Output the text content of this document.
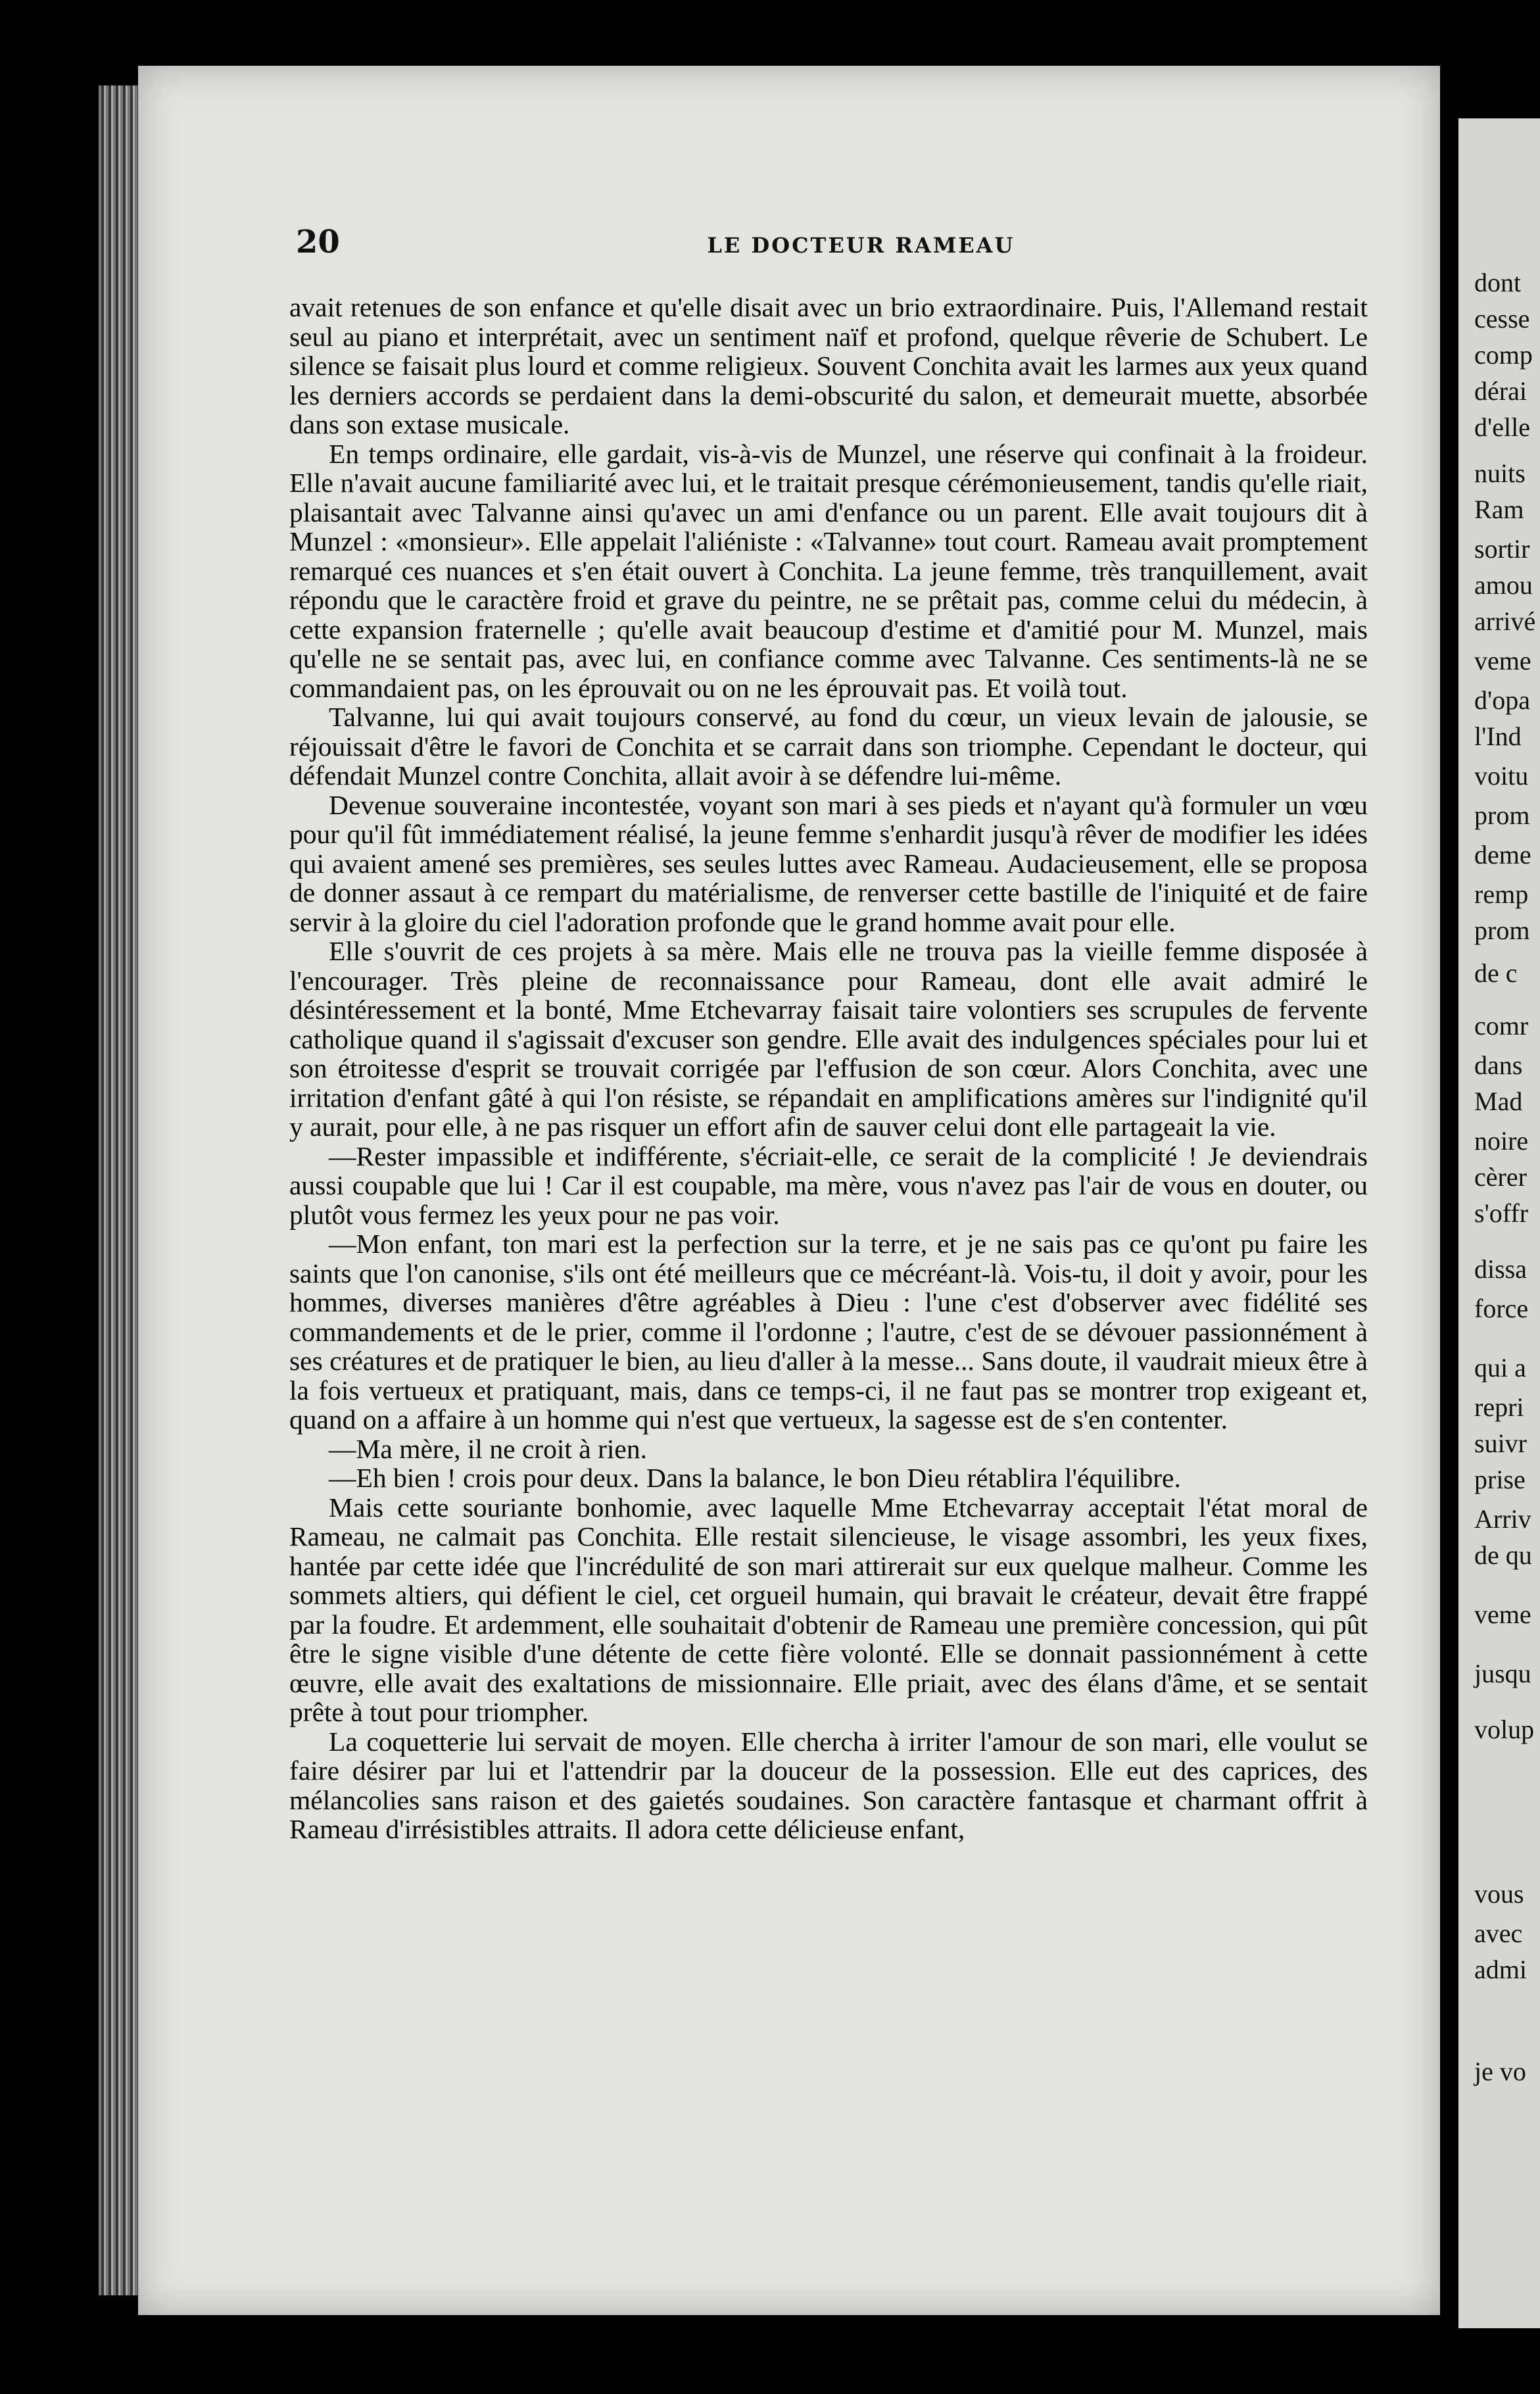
20	LE DOCTEUR RAMEAU

avait retenues de son enfance et qu'elle disait avec un brio extraordinaire. Puis, l'Allemand restait seul au piano et interprétait, avec un sentiment naïf et profond, quelque rêverie de Schubert. Le silence se faisait plus lourd et comme religieux. Souvent Conchita avait les larmes aux yeux quand les derniers accords se perdaient dans la demi-obscurité du salon, et demeurait muette, absorbée dans son extase musicale.

En temps ordinaire, elle gardait, vis-à-vis de Munzel, une réserve qui confinait à la froideur. Elle n'avait aucune familiarité avec lui, et le traitait presque cérémonieusement, tandis qu'elle riait, plaisantait avec Talvanne ainsi qu'avec un ami d'enfance ou un parent. Elle avait toujours dit à Munzel : «monsieur». Elle appelait l'aliéniste : «Talvanne» tout court. Rameau avait promptement remarqué ces nuances et s'en était ouvert à Conchita. La jeune femme, très tranquillement, avait répondu que le caractère froid et grave du peintre, ne se prêtait pas, comme celui du médecin, à cette expansion fraternelle ; qu'elle avait beaucoup d'estime et d'amitié pour M. Munzel, mais qu'elle ne se sentait pas, avec lui, en confiance comme avec Talvanne. Ces sentiments-là ne se commandaient pas, on les éprouvait ou on ne les éprouvait pas. Et voilà tout.

Talvanne, lui qui avait toujours conservé, au fond du cœur, un vieux levain de jalousie, se réjouissait d'être le favori de Conchita et se carrait dans son triomphe. Cependant le docteur, qui défendait Munzel contre Conchita, allait avoir à se défendre lui-même.

Devenue souveraine incontestée, voyant son mari à ses pieds et n'ayant qu'à formuler un vœu pour qu'il fût immédiatement réalisé, la jeune femme s'enhardit jusqu'à rêver de modifier les idées qui avaient amené ses premières, ses seules luttes avec Rameau. Audacieusement, elle se proposa de donner assaut à ce rempart du matérialisme, de renverser cette bastille de l'iniquité et de faire servir à la gloire du ciel l'adoration profonde que le grand homme avait pour elle.

Elle s'ouvrit de ces projets à sa mère. Mais elle ne trouva pas la vieille femme disposée à l'encourager. Très pleine de reconnaissance pour Rameau, dont elle avait admiré le désintéressement et la bonté, Mme Etchevarray faisait taire volontiers ses scrupules de fervente catholique quand il s'agissait d'excuser son gendre. Elle avait des indulgences spéciales pour lui et son étroitesse d'esprit se trouvait corrigée par l'effusion de son cœur. Alors Conchita, avec une irritation d'enfant gâté à qui l'on résiste, se répandait en amplifications amères sur l'indignité qu'il y aurait, pour elle, à ne pas risquer un effort afin de sauver celui dont elle partageait la vie.

—Rester impassible et indifférente, s'écriait-elle, ce serait de la complicité ! Je deviendrais aussi coupable que lui ! Car il est coupable, ma mère, vous n'avez pas l'air de vous en douter, ou plutôt vous fermez les yeux pour ne pas voir.

—Mon enfant, ton mari est la perfection sur la terre, et je ne sais pas ce qu'ont pu faire les saints que l'on canonise, s'ils ont été meilleurs que ce mécréant-là. Vois-tu, il doit y avoir, pour les hommes, diverses manières d'être agréables à Dieu : l'une c'est d'observer avec fidélité ses commandements et de le prier, comme il l'ordonne ; l'autre, c'est de se dévouer passionnément à ses créatures et de pratiquer le bien, au lieu d'aller à la messe... Sans doute, il vaudrait mieux être à la fois vertueux et pratiquant, mais, dans ce temps-ci, il ne faut pas se montrer trop exigeant et, quand on a affaire à un homme qui n'est que vertueux, la sagesse est de s'en contenter.

—Ma mère, il ne croit à rien.

—Eh bien ! crois pour deux. Dans la balance, le bon Dieu rétablira l'équilibre.

Mais cette souriante bonhomie, avec laquelle Mme Etchevarray acceptait l'état moral de Rameau, ne calmait pas Conchita. Elle restait silencieuse, le visage assombri, les yeux fixes, hantée par cette idée que l'incrédulité de son mari attirerait sur eux quelque malheur. Comme les sommets altiers, qui défient le ciel, cet orgueil humain, qui bravait le créateur, devait être frappé par la foudre. Et ardemment, elle souhaitait d'obtenir de Rameau une première concession, qui pût être le signe visible d'une détente de cette fière volonté. Elle se donnait passionnément à cette œuvre, elle avait des exaltations de missionnaire. Elle priait, avec des élans d'âme, et se sentait prête à tout pour triompher.

La coquetterie lui servait de moyen. Elle chercha à irriter l'amour de son mari, elle voulut se faire désirer par lui et l'attendrir par la douceur de la possession. Elle eut des caprices, des mélancolies sans raison et des gaietés soudaines. Son caractère fantasque et charmant offrit à Rameau d'irrésistibles attraits. Il adora cette délicieuse enfant,

dont
cesse
comp
dérai
d'elle
nuits
Ram
sortir
amou
arrivé
veme
d'opa
l'Ind
voitu
prom
deme
remp
prom
de c
comr
dans
Mad
noire
cèrer
s'offr
dissa
force
qui a
repri
suivr
prise
Arriv
de qu
veme
jusqu
volup
vous
avec
admi
je vo
